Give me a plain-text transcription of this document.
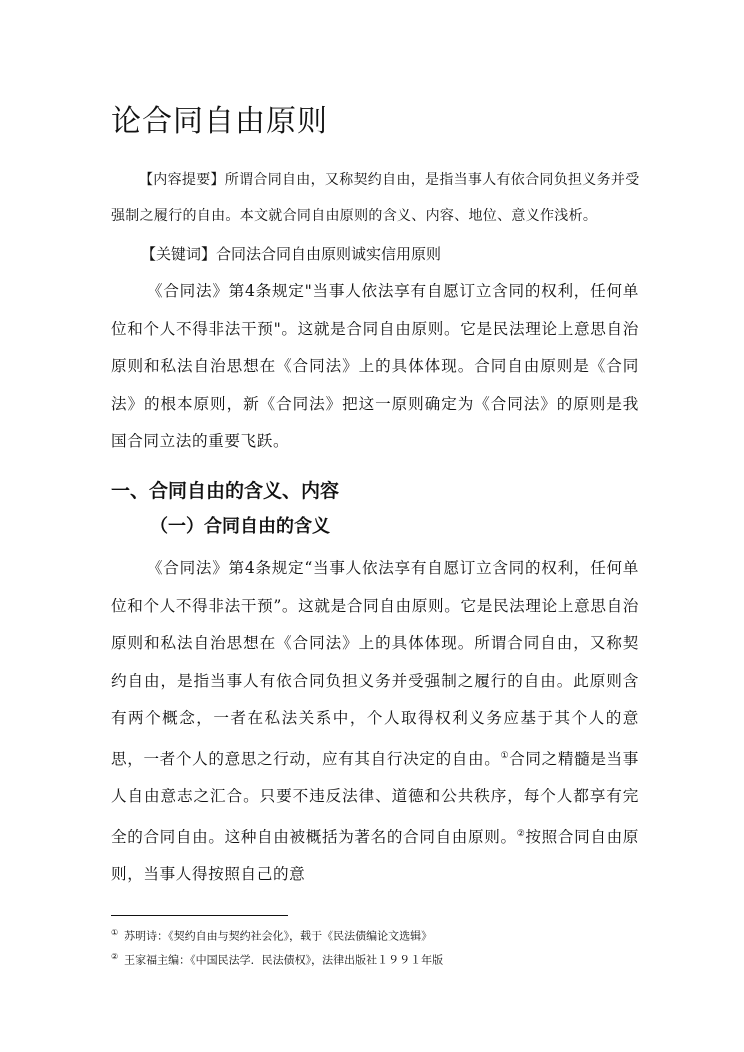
论合同自由原则
【内容提要】所谓合同自由，又称契约自由，是指当事人有依合同负担义务并受强制之履行的自由。本文就合同自由原则的含义、内容、地位、意义作浅析。
【关键词】合同法合同自由原则诚实信用原则
《合同法》第4条规定"当事人依法享有自愿订立含同的权利，任何单位和个人不得非法干预"。这就是合同自由原则。它是民法理论上意思自治原则和私法自治思想在《合同法》上的具体体现。合同自由原则是《合同法》的根本原则，新《合同法》把这一原则确定为《合同法》的原则是我国合同立法的重要飞跃。
一、合同自由的含义、内容
（一）合同自由的含义
《合同法》第4条规定“当事人依法享有自愿订立含同的权利，任何单位和个人不得非法干预”。这就是合同自由原则。它是民法理论上意思自治原则和私法自治思想在《合同法》上的具体体现。所谓合同自由，又称契约自由，是指当事人有依合同负担义务并受强制之履行的自由。此原则含有两个概念，一者在私法关系中，个人取得权利义务应基于其个人的意思，一者个人的意思之行动，应有其自行决定的自由。①合同之精髓是当事人自由意志之汇合。只要不违反法律、道德和公共秩序，每个人都享有完全的合同自由。这种自由被概括为著名的合同自由原则。②按照合同自由原则，当事人得按照自己的意
① 苏明诗：《契约自由与契约社会化》，载于《民法债编论文选辑》
② 王家福主编：《中国民法学．民法债权》，法律出版社１９９１年版
